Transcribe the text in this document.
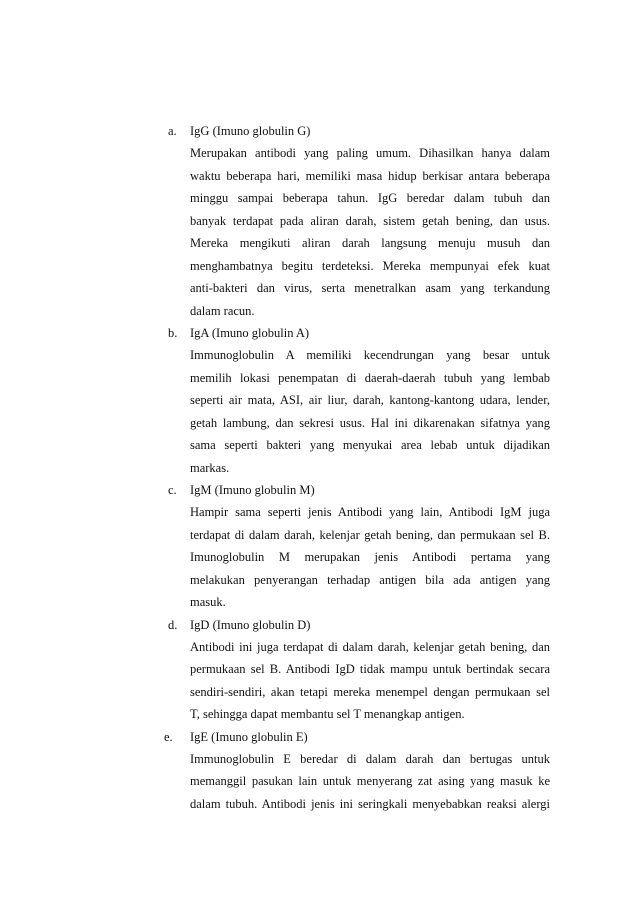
a.	IgG (Imuno globulin G)
Merupakan antibodi yang paling umum. Dihasilkan hanya dalam
waktu beberapa hari, memiliki masa hidup berkisar antara beberapa
minggu sampai beberapa tahun. IgG beredar dalam tubuh dan
banyak terdapat pada aliran darah, sistem getah bening, dan usus.
Mereka mengikuti aliran darah langsung menuju musuh dan
menghambatnya begitu terdeteksi. Mereka mempunyai efek kuat
anti-bakteri dan virus, serta menetralkan asam yang terkandung
dalam racun.
b.	IgA (Imuno globulin A)
Immunoglobulin A memiliki kecendrungan yang besar untuk
memilih lokasi penempatan di daerah-daerah tubuh yang lembab
seperti air mata, ASI, air liur, darah, kantong-kantong udara, lender,
getah lambung, dan sekresi usus. Hal ini dikarenakan sifatnya yang
sama seperti bakteri yang menyukai area lebab untuk dijadikan
markas.
c.	IgM (Imuno globulin M)
Hampir sama seperti jenis Antibodi yang lain, Antibodi IgM juga
terdapat di dalam darah, kelenjar getah bening, dan permukaan sel B.
Imunoglobulin M merupakan jenis Antibodi pertama yang
melakukan penyerangan terhadap antigen bila ada antigen yang
masuk.
d.	IgD (Imuno globulin D)
Antibodi ini juga terdapat di dalam darah, kelenjar getah bening, dan
permukaan sel B. Antibodi IgD tidak mampu untuk bertindak secara
sendiri-sendiri, akan tetapi mereka menempel dengan permukaan sel
T, sehingga dapat membantu sel T menangkap antigen.
e.	IgE (Imuno globulin E)
Immunoglobulin E beredar di dalam darah dan bertugas untuk
memanggil pasukan lain untuk menyerang zat asing yang masuk ke
dalam tubuh. Antibodi jenis ini seringkali menyebabkan reaksi alergi
